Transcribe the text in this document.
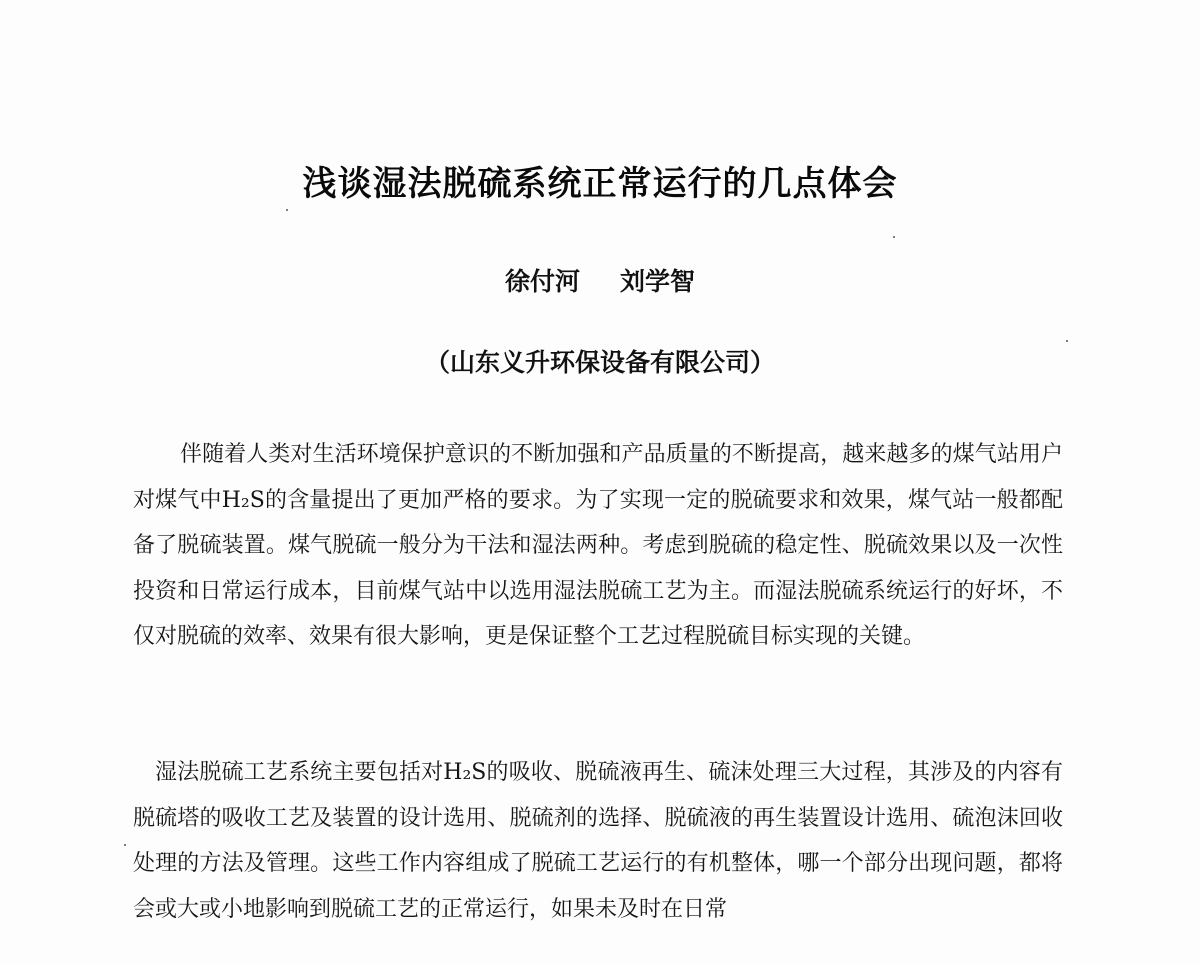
浅谈湿法脱硫系统正常运行的几点体会
徐付河 刘学智
（山东义升环保设备有限公司）
伴随着人类对生活环境保护意识的不断加强和产品质量的不断提高，越来越多的煤气站用户对煤气中H₂S的含量提出了更加严格的要求。为了实现一定的脱硫要求和效果，煤气站一般都配备了脱硫装置。煤气脱硫一般分为干法和湿法两种。考虑到脱硫的稳定性、脱硫效果以及一次性投资和日常运行成本，目前煤气站中以选用湿法脱硫工艺为主。而湿法脱硫系统运行的好坏，不仅对脱硫的效率、效果有很大影响，更是保证整个工艺过程脱硫目标实现的关键。
湿法脱硫工艺系统主要包括对H₂S的吸收、脱硫液再生、硫沫处理三大过程，其涉及的内容有脱硫塔的吸收工艺及装置的设计选用、脱硫剂的选择、脱硫液的再生装置设计选用、硫泡沫回收处理的方法及管理。这些工作内容组成了脱硫工艺运行的有机整体，哪一个部分出现问题，都将会或大或小地影响到脱硫工艺的正常运行，如果未及时在日常
